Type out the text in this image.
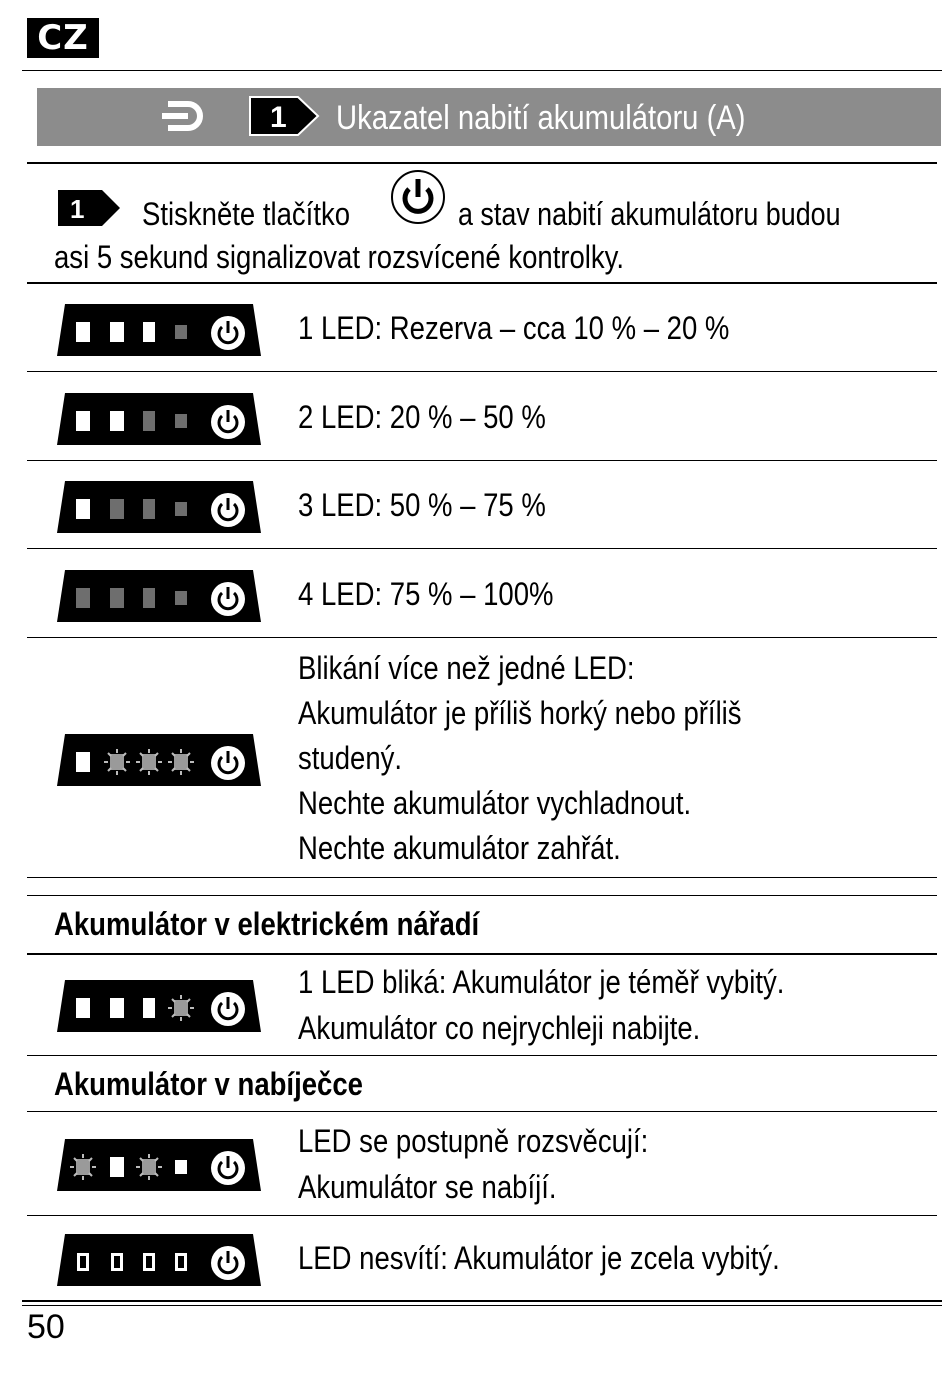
CZ
1 Ukazatel nabití akumulátoru (A)
1 Stiskněte tlačítko	a stav nabití akumulátoru budou
asi 5 sekund signalizovat rozsvícené kontrolky.
1 LED: Rezerva – cca 10 % – 20 %
2 LED: 20 % – 50 %
3 LED: 50 % – 75 %
4 LED: 75 % – 100%
Blikání více než jedné LED:
Akumulátor je příliš horký nebo příliš
studený.
Nechte akumulátor vychladnout.
Nechte akumulátor zahřát.
Akumulátor v elektrickém nářadí
1 LED bliká: Akumulátor je téměř vybitý.
Akumulátor co nejrychleji nabijte.
Akumulátor v nabíječce
LED se postupně rozsvěcují:
Akumulátor se nabíjí.
LED nesvítí: Akumulátor je zcela vybitý.
50
